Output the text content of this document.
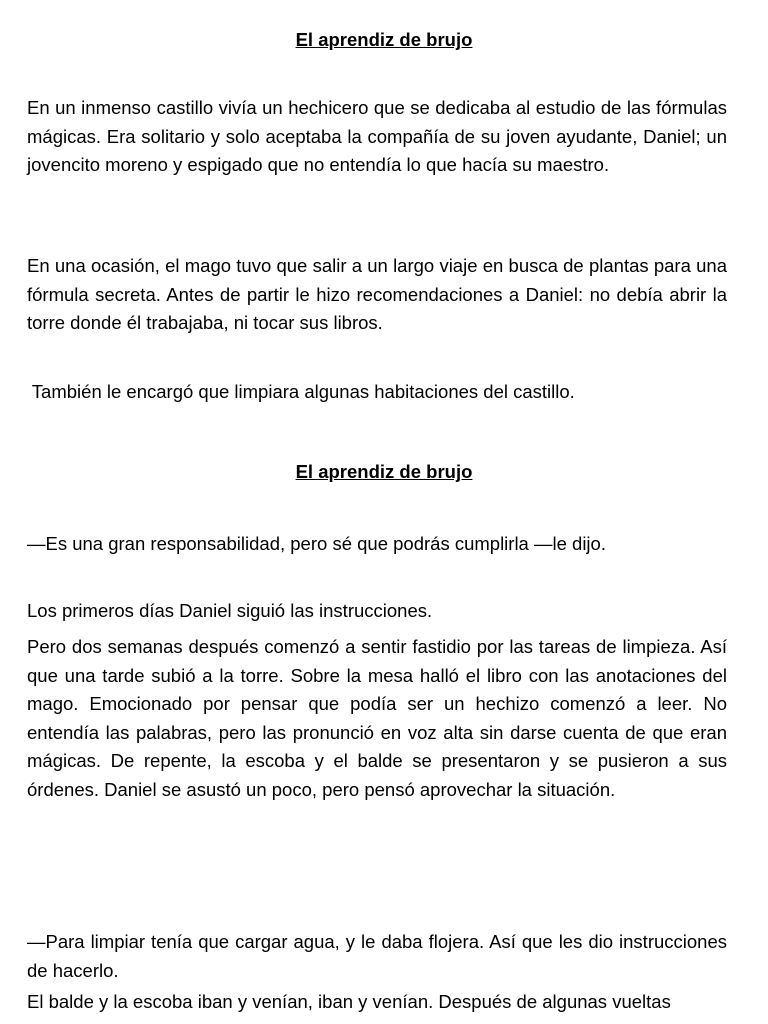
El aprendiz de brujo

En un inmenso castillo vivía un hechicero que se dedicaba al estudio de las fórmulas mágicas. Era solitario y solo aceptaba la compañía de su joven ayudante, Daniel; un jovencito moreno y espigado que no entendía lo que hacía su maestro.

En una ocasión, el mago tuvo que salir a un largo viaje en busca de plantas para una fórmula secreta. Antes de partir le hizo recomendaciones a Daniel: no debía abrir la torre donde él trabajaba, ni tocar sus libros.

También le encargó que limpiara algunas habitaciones del castillo.

El aprendiz de brujo

—Es una gran responsabilidad, pero sé que podrás cumplirla —le dijo.

Los primeros días Daniel siguió las instrucciones.

Pero dos semanas después comenzó a sentir fastidio por las tareas de limpieza. Así que una tarde subió a la torre. Sobre la mesa halló el libro con las anotaciones del mago. Emocionado por pensar que podía ser un hechizo comenzó a leer. No entendía las palabras, pero las pronunció en voz alta sin darse cuenta de que eran mágicas. De repente, la escoba y el balde se presentaron y se pusieron a sus órdenes. Daniel se asustó un poco, pero pensó aprovechar la situación.

—Para limpiar tenía que cargar agua, y le daba flojera. Así que les dio instrucciones de hacerlo.

El balde y la escoba iban y venían, iban y venían. Después de algunas vueltas
